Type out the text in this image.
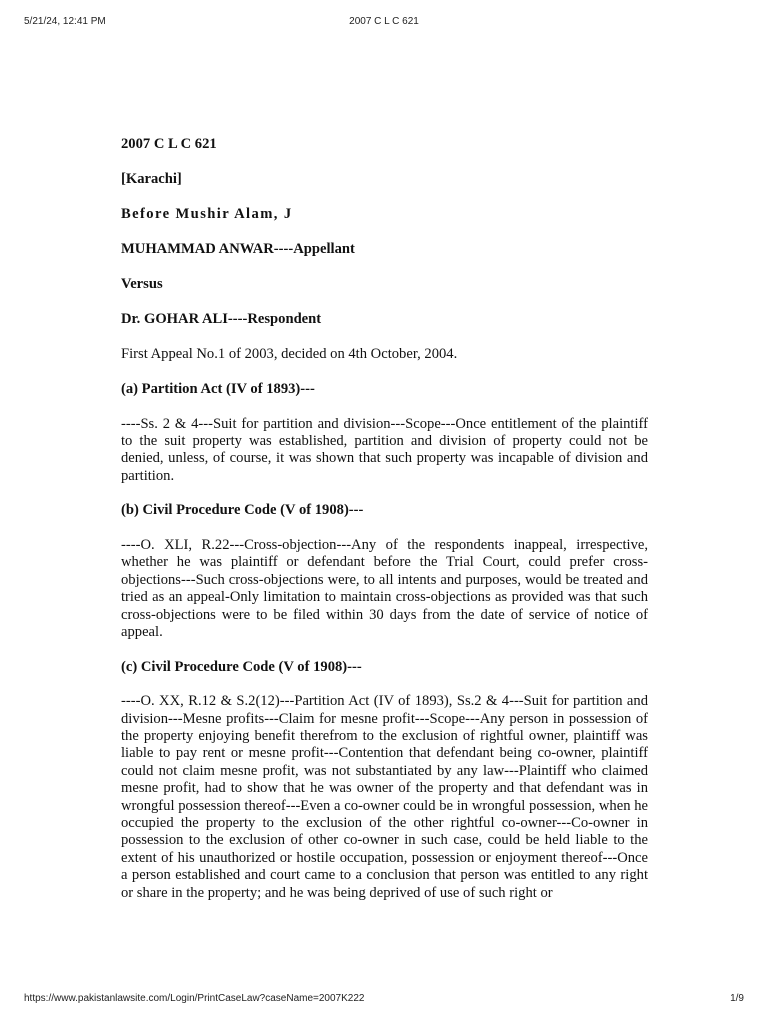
5/21/24, 12:41 PM	2007 C L C 621

2007 C L C 621

[Karachi]

Before Mushir Alam, J

MUHAMMAD ANWAR----Appellant

Versus

Dr. GOHAR ALI----Respondent

First Appeal No.1 of 2003, decided on 4th October, 2004.

(a) Partition Act (IV of 1893)---

----Ss. 2 & 4---Suit for partition and division---Scope---Once entitlement of the plaintiff to the suit property was established, partition and division of property could not be denied, unless, of course, it was shown that such property was incapable of division and partition.

(b) Civil Procedure Code (V of 1908)---

----O. XLI, R.22---Cross-objection---Any of the respondents inappeal, irrespective, whether he was plaintiff or defendant before the Trial Court, could prefer cross-objections---Such cross-objections were, to all intents and purposes, would be treated and tried as an appeal-Only limitation to maintain cross-objections as provided was that such cross-objections were to be filed within 30 days from the date of service of notice of appeal.

(c) Civil Procedure Code (V of 1908)---

----O. XX, R.12 & S.2(12)---Partition Act (IV of 1893), Ss.2 & 4---Suit for partition and division---Mesne profits---Claim for mesne profit---Scope---Any person in possession of the property enjoying benefit therefrom to the exclusion of rightful owner, plaintiff was liable to pay rent or mesne profit---Contention that defendant being co-owner, plaintiff could not claim mesne profit, was not substantiated by any law---Plaintiff who claimed mesne profit, had to show that he was owner of the property and that defendant was in wrongful possession thereof---Even a co-owner could be in wrongful possession, when he occupied the property to the exclusion of the other rightful co-owner---Co-owner in possession to the exclusion of other co-owner in such case, could be held liable to the extent of his unauthorized or hostile occupation, possession or enjoyment thereof---Once a person established and court came to a conclusion that person was entitled to any right or share in the property; and he was being deprived of use of such right or

https://www.pakistanlawsite.com/Login/PrintCaseLaw?caseName=2007K222	1/9
